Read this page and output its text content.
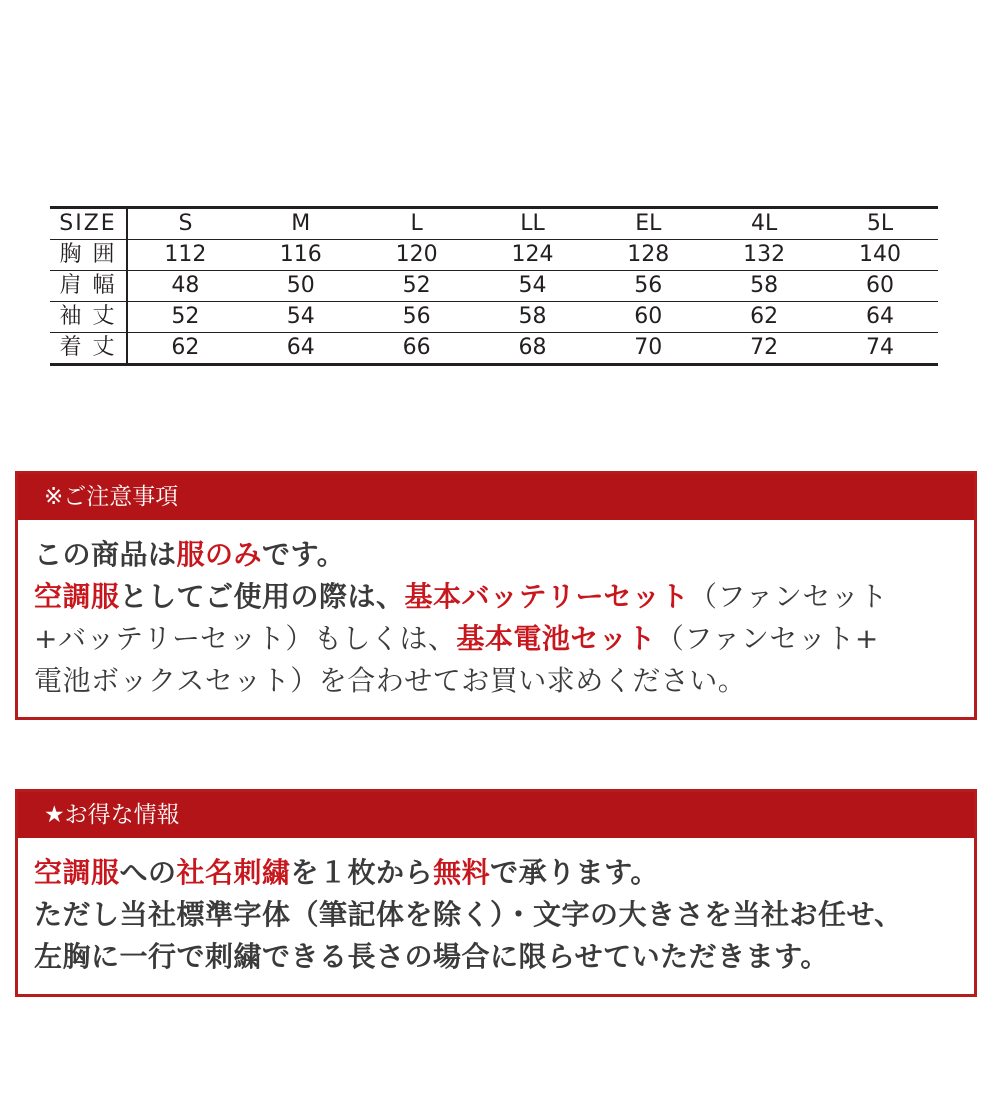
SIZE	S	M	L	LL	EL	4L	5L
胸 囲	112	116	120	124	128	132	140
肩 幅	48	50	52	54	56	58	60
袖 丈	52	54	56	58	60	62	64
着 丈	62	64	66	68	70	72	74
※ご注意事項
この商品は服のみです。
空調服としてご使用の際は、基本バッテリーセット（ファンセット
+バッテリーセット）もしくは、基本電池セット（ファンセット+
電池ボックスセット）を合わせてお買い求めください。
★お得な情報
空調服への社名刺繍を１枚から無料で承ります。
ただし当社標準字体（筆記体を除く）・文字の大きさを当社お任せ、
左胸に一行で刺繍できる長さの場合に限らせていただきます。
